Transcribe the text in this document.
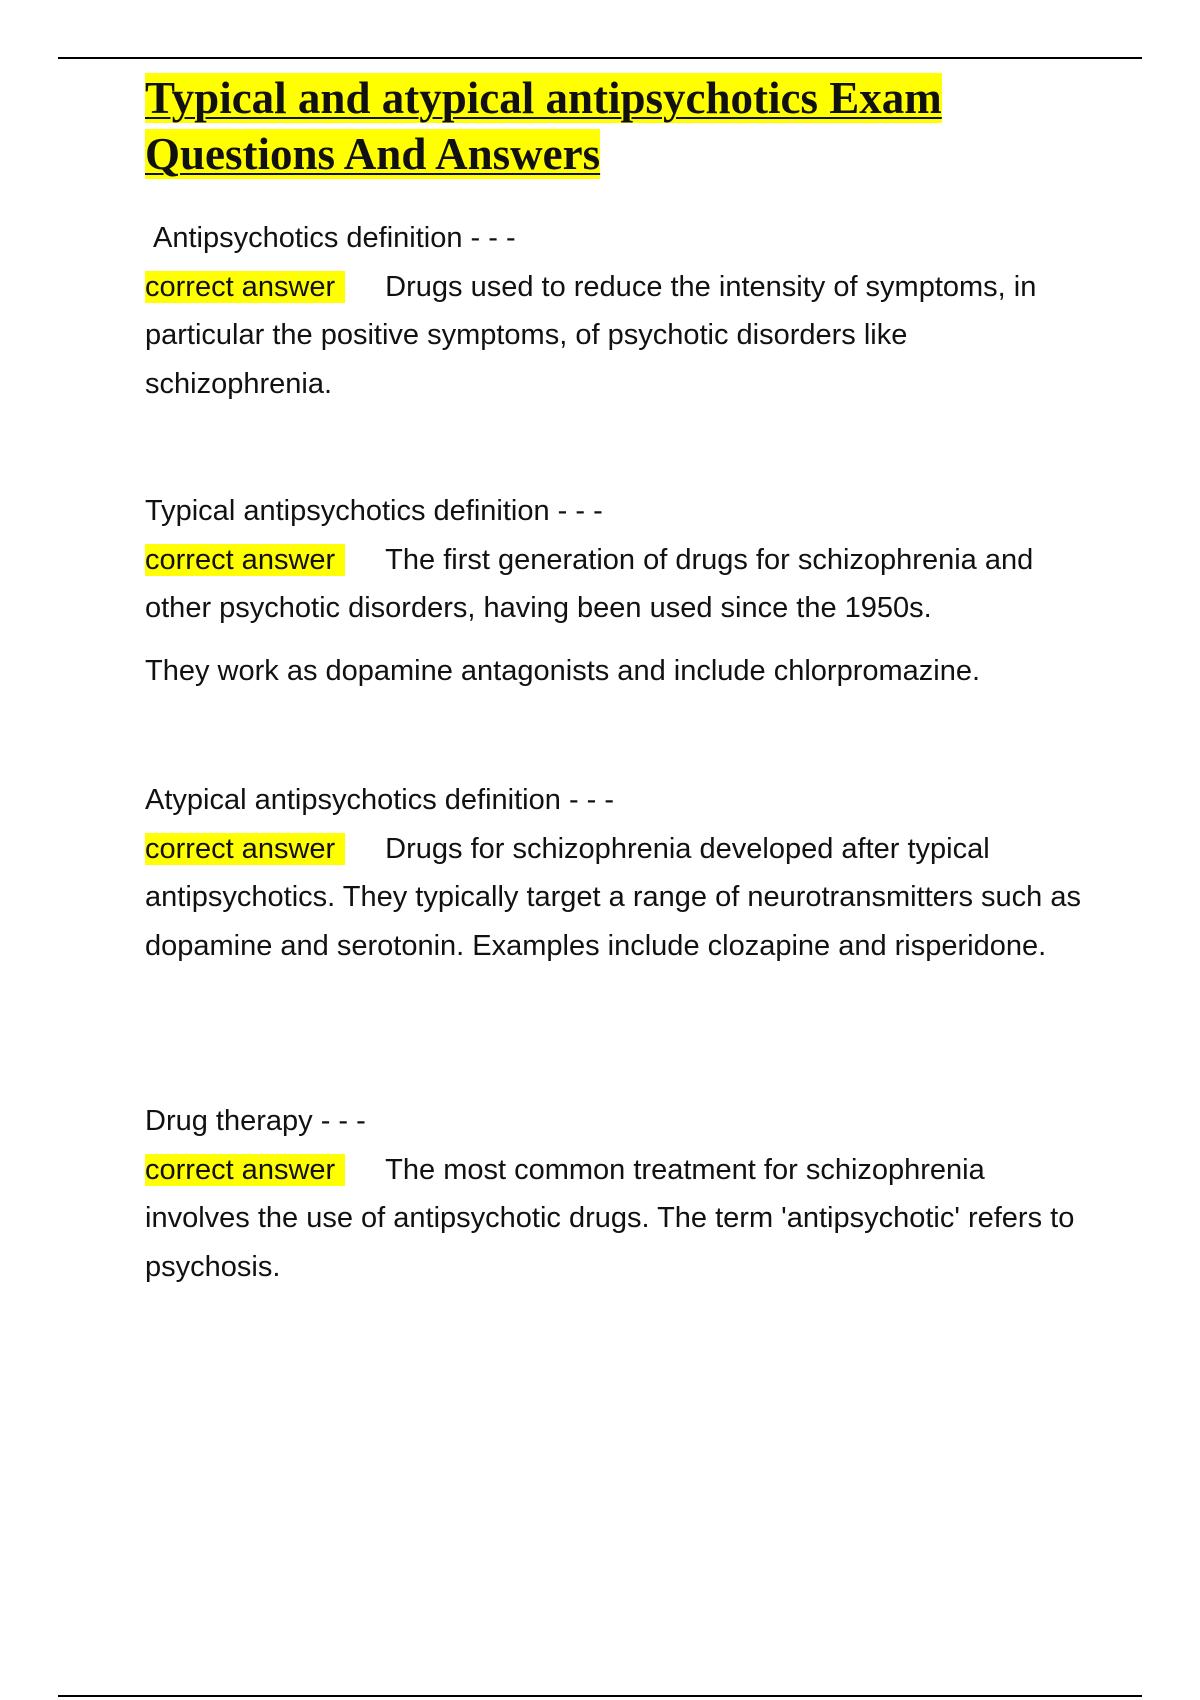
Typical and atypical antipsychotics Exam
Questions And Answers
Antipsychotics definition - - -
correct answer Drugs used to reduce the intensity of symptoms, in particular the positive symptoms, of psychotic disorders like schizophrenia.
Typical antipsychotics definition - - -
correct answer The first generation of drugs for schizophrenia and other psychotic disorders, having been used since the 1950s.
They work as dopamine antagonists and include chlorpromazine.
Atypical antipsychotics definition - - -
correct answer Drugs for schizophrenia developed after typical antipsychotics. They typically target a range of neurotransmitters such as dopamine and serotonin. Examples include clozapine and risperidone.
Drug therapy - - -
correct answer The most common treatment for schizophrenia involves the use of antipsychotic drugs. The term 'antipsychotic' refers to psychosis.
